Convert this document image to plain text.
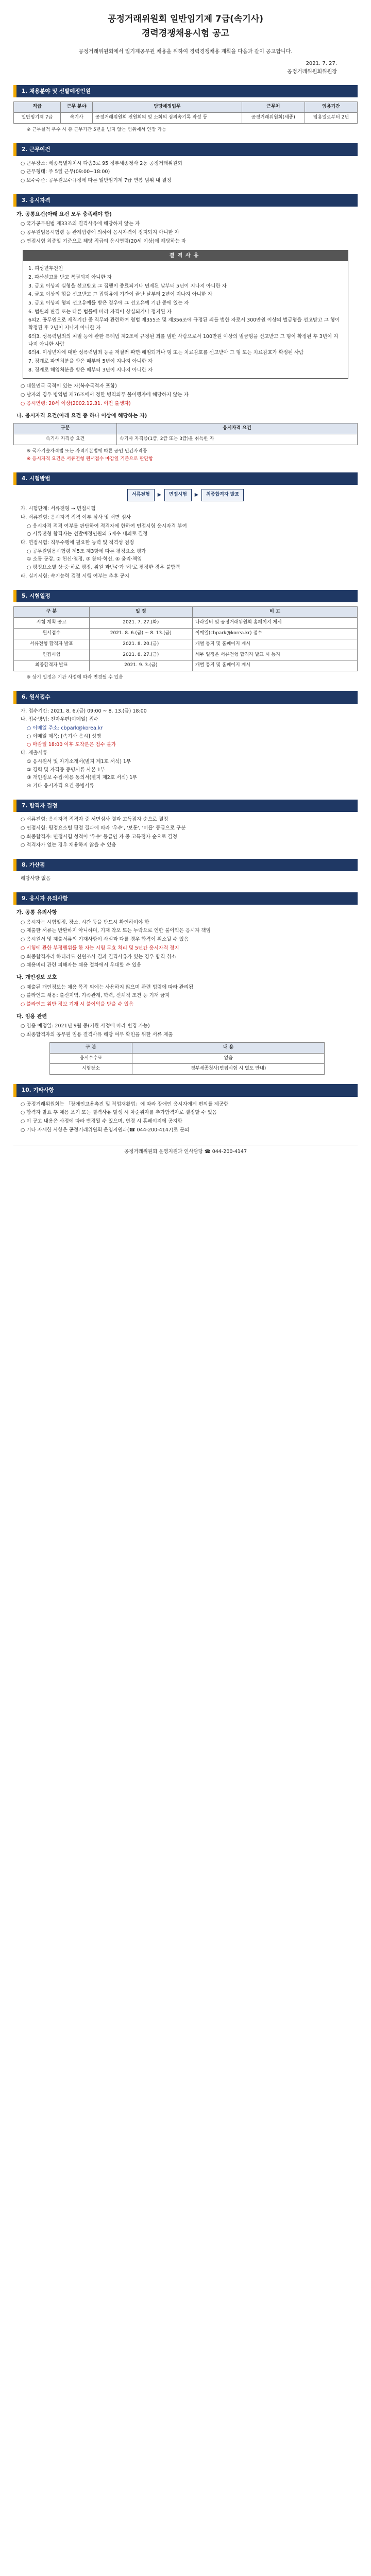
공정거래위원회 일반임기제 7급(속기사)
경력경쟁채용시험 공고
공정거래위원회에서 일기제공무원 채용을 위하여 경력경쟁채용 계획을 다음과 같이 공고합니다.
2021. 7. 27.
공정거래위원회위원장
1. 채용분야 및 선발예정인원
직급	근무 분야	담당예정업무	근무처	임용기간
일반임기제 7급	속기사	공정거래위원회 전원회의 및 소회의 심의속기록 작성 등	공정거래위원회(세종)	임용일로부터 2년
※ 근무실적 우수 시 총 근무기간 5년을 넘지 않는 범위에서 연장 가능
2. 근무여건
○ 근무장소: 세종특별자치시 다솜3로 95 정부세종청사 2동 공정거래위원회
○ 근무형태: 주 5일 근무(09:00~18:00)
○ 보수수준: 공무원보수규정에 따른 일반임기제 7급 연봉 범위 내 결정
3. 응시자격
가. 공통요건(아래 요건 모두 충족해야 함)
○ 국가공무원법 제33조의 결격사유에 해당하지 않는 자
○ 공무원임용시험령 등 관계법령에 의하여 응시자격이 정지되지 아니한 자
○ 면접시험 최종일 기준으로 해당 직급의 응시연령(20세 이상)에 해당하는 자
결격사유
1. 피성년후견인
2. 파산선고를 받고 복권되지 아니한 자
3. 금고 이상의 실형을 선고받고 그 집행이 종료되거나 면제된 날부터 5년이 지나지 아니한 자
4. 금고 이상의 형을 선고받고 그 집행유예 기간이 끝난 날부터 2년이 지나지 아니한 자
5. 금고 이상의 형의 선고유예를 받은 경우에 그 선고유예 기간 중에 있는 자
6. 법원의 판결 또는 다른 법률에 따라 자격이 상실되거나 정지된 자
6의2. 공무원으로 재직기간 중 직무와 관련하여 형법 제355조 및 제356조에 규정된 죄를 범한 자로서 300만원 이상의 벌금형을 선고받고 그 형이 확정된 후 2년이 지나지 아니한 자
6의3. 성폭력범죄의 처벌 등에 관한 특례법 제2조에 규정된 죄를 범한 사람으로서 100만원 이상의 벌금형을 선고받고 그 형이 확정된 후 3년이 지나지 아니한 사람
6의4. 미성년자에 대한 성폭력범죄 등을 저질러 파면·해임되거나 형 또는 치료감호를 선고받아 그 형 또는 치료감호가 확정된 사람
7. 징계로 파면처분을 받은 때부터 5년이 지나지 아니한 자
8. 징계로 해임처분을 받은 때부터 3년이 지나지 아니한 자
○ 대한민국 국적이 있는 자(복수국적자 포함)
○ 남자의 경우 병역법 제76조에서 정한 병역의무 불이행자에 해당하지 않는 자
○ 응시연령: 20세 이상(2002.12.31. 이전 출생자)
나. 응시자격 요건(아래 요건 중 하나 이상에 해당하는 자)
구분	응시자격 요건
속기사 자격증 요건	속기사 자격증(1급, 2급 또는 3급)을 취득한 자
※ 국가기술자격법 또는 자격기본법에 따른 공인 민간자격증
※ 응시자격 요건은 서류전형 원서접수 마감일 기준으로 판단함
4. 시험방법
서류전형	▶	면접시험	▶	최종합격자 발표
가. 시험단계: 서류전형 → 면접시험
나. 서류전형: 응시자격 적격 여부 심사 및 서면 심사
○ 응시자격 적격 여부를 판단하여 적격자에 한하여 면접시험 응시자격 부여
○ 서류전형 합격자는 선발예정인원의 5배수 내외로 결정
다. 면접시험: 직무수행에 필요한 능력 및 적격성 검정
○ 공무원임용시험령 제5조 제3항에 따른 평정요소 평가
① 소통·공감, ② 헌신·열정, ③ 창의·혁신, ④ 윤리·책임
○ 평정요소별 상·중·하로 평정, 위원 과반수가 '하'로 평정한 경우 불합격
라. 실기시험: 속기능력 검정 시행 여부는 추후 공지
5. 시험일정
구 분	일 정	비 고
시험 계획 공고	2021. 7. 27.(화)	나라일터 및 공정거래위원회 홈페이지 게시
원서접수	2021. 8. 6.(금) ~ 8. 13.(금)	이메일(cbpark@korea.kr) 접수
서류전형 합격자 발표	2021. 8. 20.(금)	개별 통지 및 홈페이지 게시
면접시험	2021. 8. 27.(금)	세부 일정은 서류전형 합격자 발표 시 통지
최종합격자 발표	2021. 9. 3.(금)	개별 통지 및 홈페이지 게시
※ 상기 일정은 기관 사정에 따라 변경될 수 있음
6. 원서접수
가. 접수기간: 2021. 8. 6.(금) 09:00 ~ 8. 13.(금) 18:00
나. 접수방법: 전자우편(이메일) 접수
○ 이메일 주소: cbpark@korea.kr
○ 이메일 제목: [속기사 응시] 성명
○ 마감일 18:00 이후 도착분은 접수 불가
다. 제출서류
① 응시원서 및 자기소개서(별지 제1호 서식) 1부
② 경력 및 자격증 증명서류 사본 1부
③ 개인정보 수집·이용 동의서(별지 제2호 서식) 1부
④ 기타 응시자격 요건 증빙서류
7. 합격자 결정
○ 서류전형: 응시자격 적격자 중 서면심사 결과 고득점자 순으로 결정
○ 면접시험: 평정요소별 평정 결과에 따라 '우수', '보통', '미흡' 등급으로 구분
○ 최종합격자: 면접시험 성적이 '우수' 등급인 자 중 고득점자 순으로 결정
○ 적격자가 없는 경우 채용하지 않을 수 있음
8. 가산점
해당사항 없음
9. 응시자 유의사항
가. 공통 유의사항
○ 응시자는 시험일정, 장소, 시간 등을 반드시 확인하여야 함
○ 제출한 서류는 반환하지 아니하며, 기재 착오 또는 누락으로 인한 불이익은 응시자 책임
○ 응시원서 및 제출서류의 기재사항이 사실과 다를 경우 합격이 취소될 수 있음
○ 시험에 관한 부정행위를 한 자는 시험 무효 처리 및 5년간 응시자격 정지
○ 최종합격자라 하더라도 신원조사 결과 결격사유가 있는 경우 합격 취소
○ 채용비리 관련 피해자는 채용 절차에서 우대할 수 있음
나. 개인정보 보호
○ 제출된 개인정보는 채용 목적 외에는 사용하지 않으며 관련 법령에 따라 관리됨
○ 블라인드 채용: 출신지역, 가족관계, 학력, 신체적 조건 등 기재 금지
○ 블라인드 위반 정보 기재 시 불이익을 받을 수 있음
다. 임용 관련
○ 임용 예정일: 2021년 9월 중(기관 사정에 따라 변경 가능)
○ 최종합격자의 공무원 임용 결격사유 해당 여부 확인을 위한 서류 제출
구 분	내 용
응시수수료	없음
시험장소	정부세종청사(면접시험 시 별도 안내)
10. 기타사항
○ 공정거래위원회는 「장애인고용촉진 및 직업재활법」에 따라 장애인 응시자에게 편의를 제공함
○ 합격자 발표 후 채용 포기 또는 결격사유 발생 시 차순위자를 추가합격자로 결정할 수 있음
○ 이 공고 내용은 사정에 따라 변경될 수 있으며, 변경 시 홈페이지에 공지함
○ 기타 자세한 사항은 공정거래위원회 운영지원과(☎ 044-200-4147)로 문의
공정거래위원회 운영지원과 인사담당 ☎ 044-200-4147
